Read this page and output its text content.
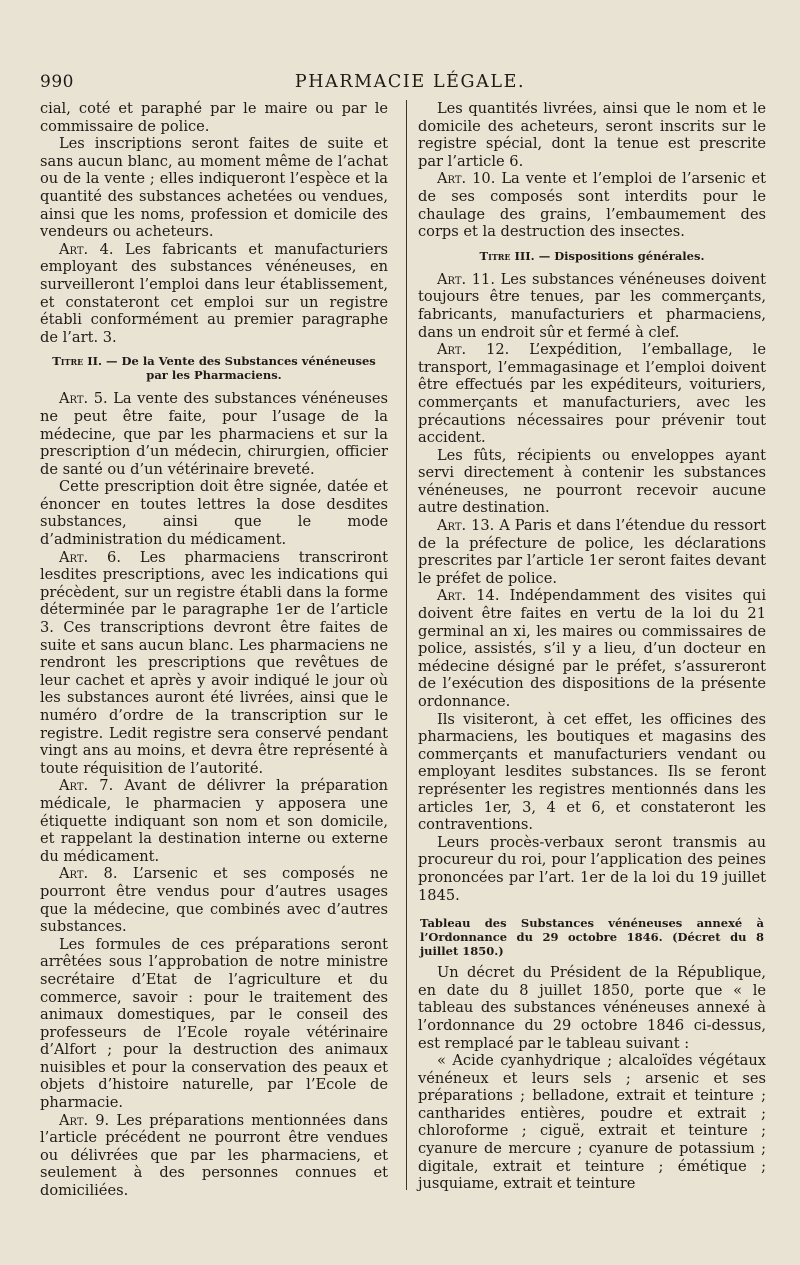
990	PHARMACIE LÉGALE.

cial, coté et paraphé par le maire ou par le commissaire de police.

Les inscriptions seront faites de suite et sans aucun blanc, au moment même de l’achat ou de la vente ; elles indiqueront l’espèce et la quantité des substances achetées ou vendues, ainsi que les noms, profession et domicile des vendeurs ou acheteurs.

Art. 4. Les fabricants et manufacturiers employant des substances vénéneuses, en surveilleront l’emploi dans leur établissement, et constateront cet emploi sur un registre établi conformément au premier paragraphe de l’art. 3.

Titre II. — De la Vente des Substances vénéneuses par les Pharmaciens.

Art. 5. La vente des substances vénéneuses ne peut être faite, pour l’usage de la médecine, que par les pharmaciens et sur la prescription d’un médecin, chirurgien, officier de santé ou d’un vétérinaire breveté.

Cette prescription doit être signée, datée et énoncer en toutes lettres la dose desdites substances, ainsi que le mode d’administration du médicament.

Art. 6. Les pharmaciens transcriront lesdites prescriptions, avec les indications qui précèdent, sur un registre établi dans la forme déterminée par le paragraphe 1er de l’article 3. Ces transcriptions devront être faites de suite et sans aucun blanc. Les pharmaciens ne rendront les prescriptions que revêtues de leur cachet et après y avoir indiqué le jour où les substances auront été livrées, ainsi que le numéro d’ordre de la transcription sur le registre. Ledit registre sera conservé pendant vingt ans au moins, et devra être représenté à toute réquisition de l’autorité.

Art. 7. Avant de délivrer la préparation médicale, le pharmacien y apposera une étiquette indiquant son nom et son domicile, et rappelant la destination interne ou externe du médicament.

Art. 8. L’arsenic et ses composés ne pourront être vendus pour d’autres usages que la médecine, que combinés avec d’autres substances.

Les formules de ces préparations seront arrêtées sous l’approbation de notre ministre secrétaire d’Etat de l’agriculture et du commerce, savoir : pour le traitement des animaux domestiques, par le conseil des professeurs de l’Ecole royale vétérinaire d’Alfort ; pour la destruction des animaux nuisibles et pour la conservation des peaux et objets d’histoire naturelle, par l’Ecole de pharmacie.

Art. 9. Les préparations mentionnées dans l’article précédent ne pourront être vendues ou délivrées que par les pharmaciens, et seulement à des personnes connues et domiciliées.

Les quantités livrées, ainsi que le nom et le domicile des acheteurs, seront inscrits sur le registre spécial, dont la tenue est prescrite par l’article 6.

Art. 10. La vente et l’emploi de l’arsenic et de ses composés sont interdits pour le chaulage des grains, l’embaumement des corps et la destruction des insectes.

Titre III. — Dispositions générales.

Art. 11. Les substances vénéneuses doivent toujours être tenues, par les commerçants, fabricants, manufacturiers et pharmaciens, dans un endroit sûr et fermé à clef.

Art. 12. L’expédition, l’emballage, le transport, l’emmagasinage et l’emploi doivent être effectués par les expéditeurs, voituriers, commerçants et manufacturiers, avec les précautions nécessaires pour prévenir tout accident.

Les fûts, récipients ou enveloppes ayant servi directement à contenir les substances vénéneuses, ne pourront recevoir aucune autre destination.

Art. 13. A Paris et dans l’étendue du ressort de la préfecture de police, les déclarations prescrites par l’article 1er seront faites devant le préfet de police.

Art. 14. Indépendamment des visites qui doivent être faites en vertu de la loi du 21 germinal an xi, les maires ou commissaires de police, assistés, s’il y a lieu, d’un docteur en médecine désigné par le préfet, s’assureront de l’exécution des dispositions de la présente ordonnance.

Ils visiteront, à cet effet, les officines des pharmaciens, les boutiques et magasins des commerçants et manufacturiers vendant ou employant lesdites substances. Ils se feront représenter les registres mentionnés dans les articles 1er, 3, 4 et 6, et constateront les contraventions.

Leurs procès-verbaux seront transmis au procureur du roi, pour l’application des peines prononcées par l’art. 1er de la loi du 19 juillet 1845.

Tableau des Substances vénéneuses annexé à l’Ordonnance du 29 octobre 1846. (Décret du 8 juillet 1850.)

Un décret du Président de la République, en date du 8 juillet 1850, porte que « le tableau des substances vénéneuses annexé à l’ordonnance du 29 octobre 1846 ci-dessus, est remplacé par le tableau suivant :

« Acide cyanhydrique ; alcaloïdes végétaux vénéneux et leurs sels ; arsenic et ses préparations ; belladone, extrait et teinture ; cantharides entières, poudre et extrait ; chloroforme ; ciguë, extrait et teinture ; cyanure de mercure ; cyanure de potassium ; digitale, extrait et teinture ; émétique ; jusquiame, extrait et teinture
